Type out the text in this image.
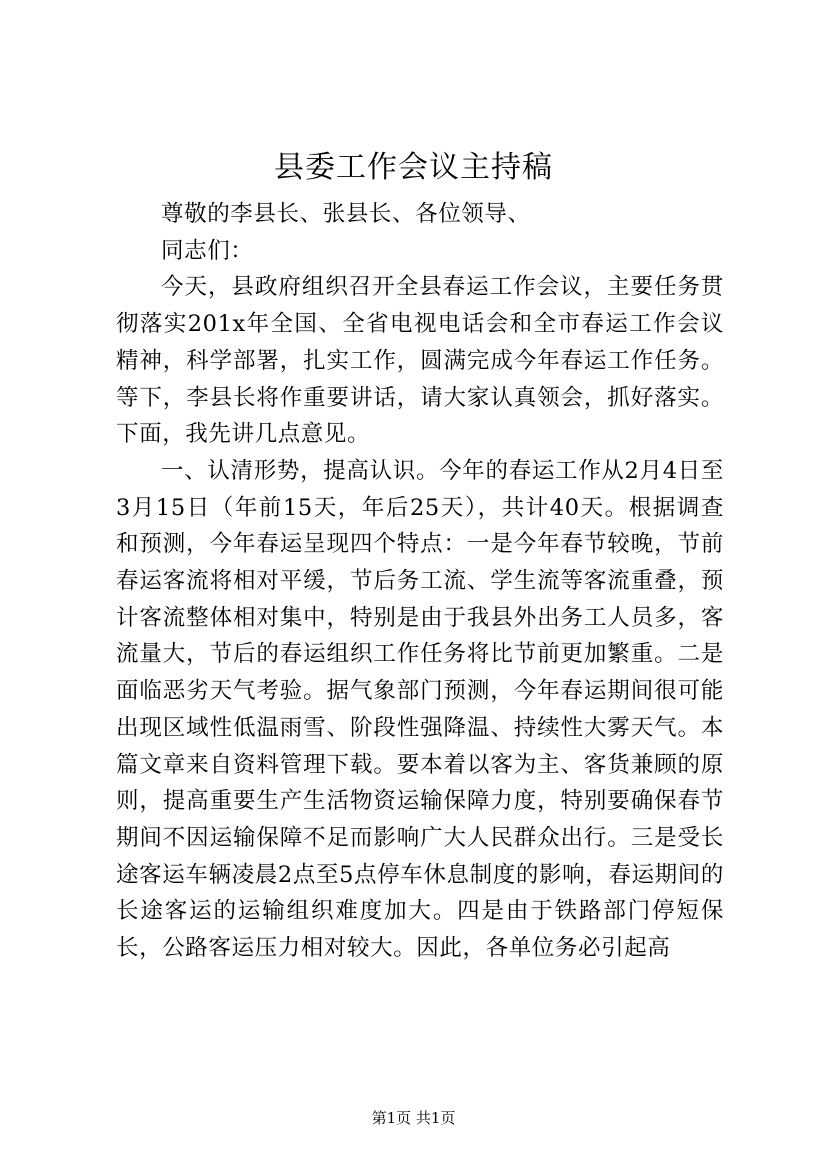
县委工作会议主持稿

尊敬的李县长、张县长、各位领导、

同志们：

今天，县政府组织召开全县春运工作会议，主要任务贯彻落实201x年全国、全省电视电话会和全市春运工作会议精神，科学部署，扎实工作，圆满完成今年春运工作任务。等下，李县长将作重要讲话，请大家认真领会，抓好落实。下面，我先讲几点意见。

一、认清形势，提高认识。今年的春运工作从2月4日至3月15日（年前15天，年后25天），共计40天。根据调查和预测，今年春运呈现四个特点：一是今年春节较晚，节前春运客流将相对平缓，节后务工流、学生流等客流重叠，预计客流整体相对集中，特别是由于我县外出务工人员多，客流量大，节后的春运组织工作任务将比节前更加繁重。二是面临恶劣天气考验。据气象部门预测，今年春运期间很可能出现区域性低温雨雪、阶段性强降温、持续性大雾天气。本篇文章来自资料管理下载。要本着以客为主、客货兼顾的原则，提高重要生产生活物资运输保障力度，特别要确保春节期间不因运输保障不足而影响广大人民群众出行。三是受长途客运车辆凌晨2点至5点停车休息制度的影响，春运期间的长途客运的运输组织难度加大。四是由于铁路部门停短保长，公路客运压力相对较大。因此，各单位务必引起高

第1页 共1页
